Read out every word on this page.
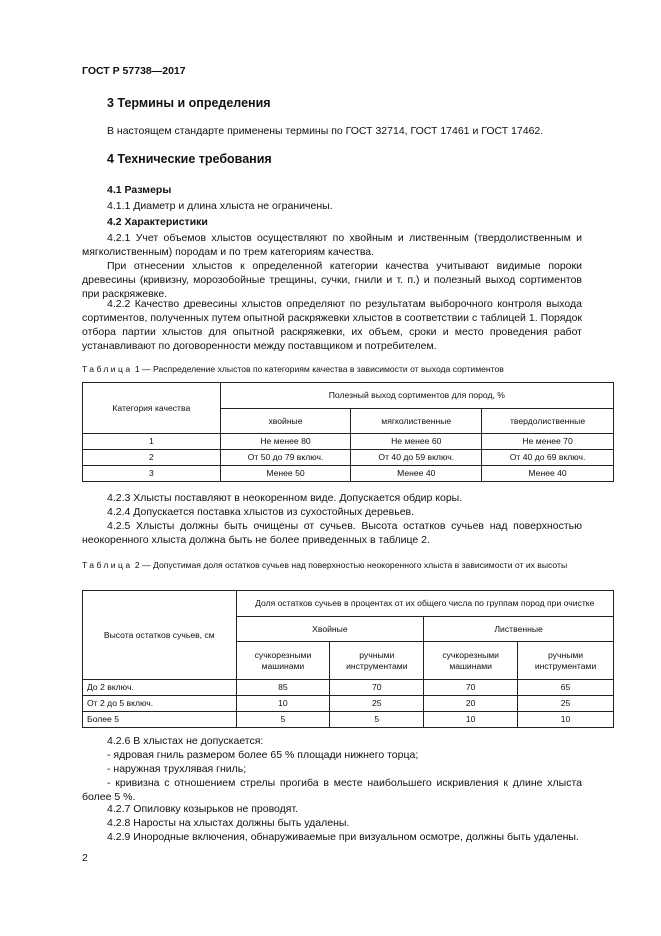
ГОСТ Р 57738—2017
3 Термины и определения
В настоящем стандарте применены термины по ГОСТ 32714, ГОСТ 17461 и ГОСТ 17462.
4 Технические требования
4.1 Размеры
4.1.1 Диаметр и длина хлыста не ограничены.
4.2 Характеристики
4.2.1 Учет объемов хлыстов осуществляют по хвойным и лиственным (твердолиственным и мягколиственным) породам и по трем категориям качества.
При отнесении хлыстов к определенной категории качества учитывают видимые пороки древесины (кривизну, морозобойные трещины, сучки, гнили и т. п.) и полезный выход сортиментов при раскряжевке.
4.2.2 Качество древесины хлыстов определяют по результатам выборочного контроля выхода сортиментов, полученных путем опытной раскряжевки хлыстов в соответствии с таблицей 1. Порядок отбора партии хлыстов для опытной раскряжевки, их объем, сроки и место проведения работ устанавливают по договоренности между поставщиком и потребителем.
Таблица 1 — Распределение хлыстов по категориям качества в зависимости от выхода сортиментов
Категория качества	Полезный выход сортиментов для пород, %		
	хвойные	мягколиственные	твердолиственные
1	Не менее 80	Не менее 60	Не менее 70
2	От 50 до 79 включ.	От 40 до 59 включ.	От 40 до 69 включ.
3	Менее 50	Менее 40	Менее 40
4.2.3 Хлысты поставляют в неокоренном виде. Допускается обдир коры.
4.2.4 Допускается поставка хлыстов из сухостойных деревьев.
4.2.5 Хлысты должны быть очищены от сучьев. Высота остатков сучьев над поверхностью неокоренного хлыста должна быть не более приведенных в таблице 2.
Таблица 2 — Допустимая доля остатков сучьев над поверхностью неокоренного хлыста в зависимости от их высоты
Высота остатков сучьев, см	Доля остатков сучьев в процентах от их общего числа по группам пород при очистке			
	Хвойные		Лиственные	
	сучкорезными машинами	ручными инструментами	сучкорезными машинами	ручными инструментами
До 2 включ.	85	70	70	65
От 2 до 5 включ.	10	25	20	25
Более 5	5	5	10	10
4.2.6 В хлыстах не допускается:
- ядровая гниль размером более 65 % площади нижнего торца;
- наружная трухлявая гниль;
- кривизна с отношением стрелы прогиба в месте наибольшего искривления к длине хлыста более 5 %.
4.2.7 Опиловку козырьков не проводят.
4.2.8 Наросты на хлыстах должны быть удалены.
4.2.9 Инородные включения, обнаруживаемые при визуальном осмотре, должны быть удалены.
2
